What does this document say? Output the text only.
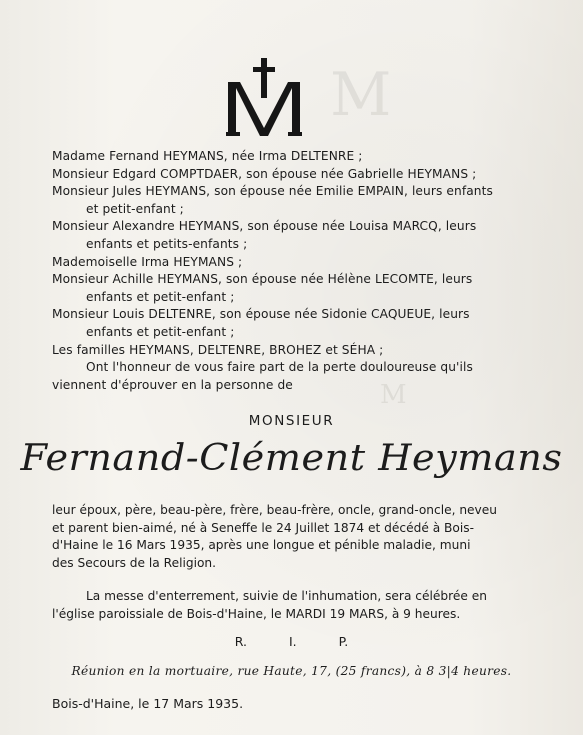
M
M
Madame Fernand HEYMANS, née Irma DELTENRE ;
Monsieur Edgard COMPTDAER, son épouse née Gabrielle HEYMANS ;
Monsieur Jules HEYMANS, son épouse née Emilie EMPAIN, leurs enfants
et petit-enfant ;
Monsieur Alexandre HEYMANS, son épouse née Louisa MARCQ, leurs
enfants et petits-enfants ;
Mademoiselle Irma HEYMANS ;
Monsieur Achille HEYMANS, son épouse née Hélène LECOMTE, leurs
enfants et petit-enfant ;
Monsieur Louis DELTENRE, son épouse née Sidonie CAQUEUE, leurs
enfants et petit-enfant ;
Les familles HEYMANS, DELTENRE, BROHEZ et SÉHA ;
Ont l'honneur de vous faire part de la perte douloureuse qu'ils
viennent d'éprouver en la personne de
MONSIEUR
Fernand-Clément Heymans
leur époux, père, beau-père, frère, beau-frère, oncle, grand-oncle, neveu
et parent bien-aimé, né à Seneffe le 24 Juillet 1874 et décédé à Bois-
d'Haine le 16 Mars 1935, après une longue et pénible maladie, muni
des Secours de la Religion.
La messe d'enterrement, suivie de l'inhumation, sera célébrée en
l'église paroissiale de Bois-d'Haine, le MARDI 19 MARS, à 9 heures.
R. I. P.
Réunion en la mortuaire, rue Haute, 17, (25 francs), à 8 3|4 heures.
Bois-d'Haine, le 17 Mars 1935.
